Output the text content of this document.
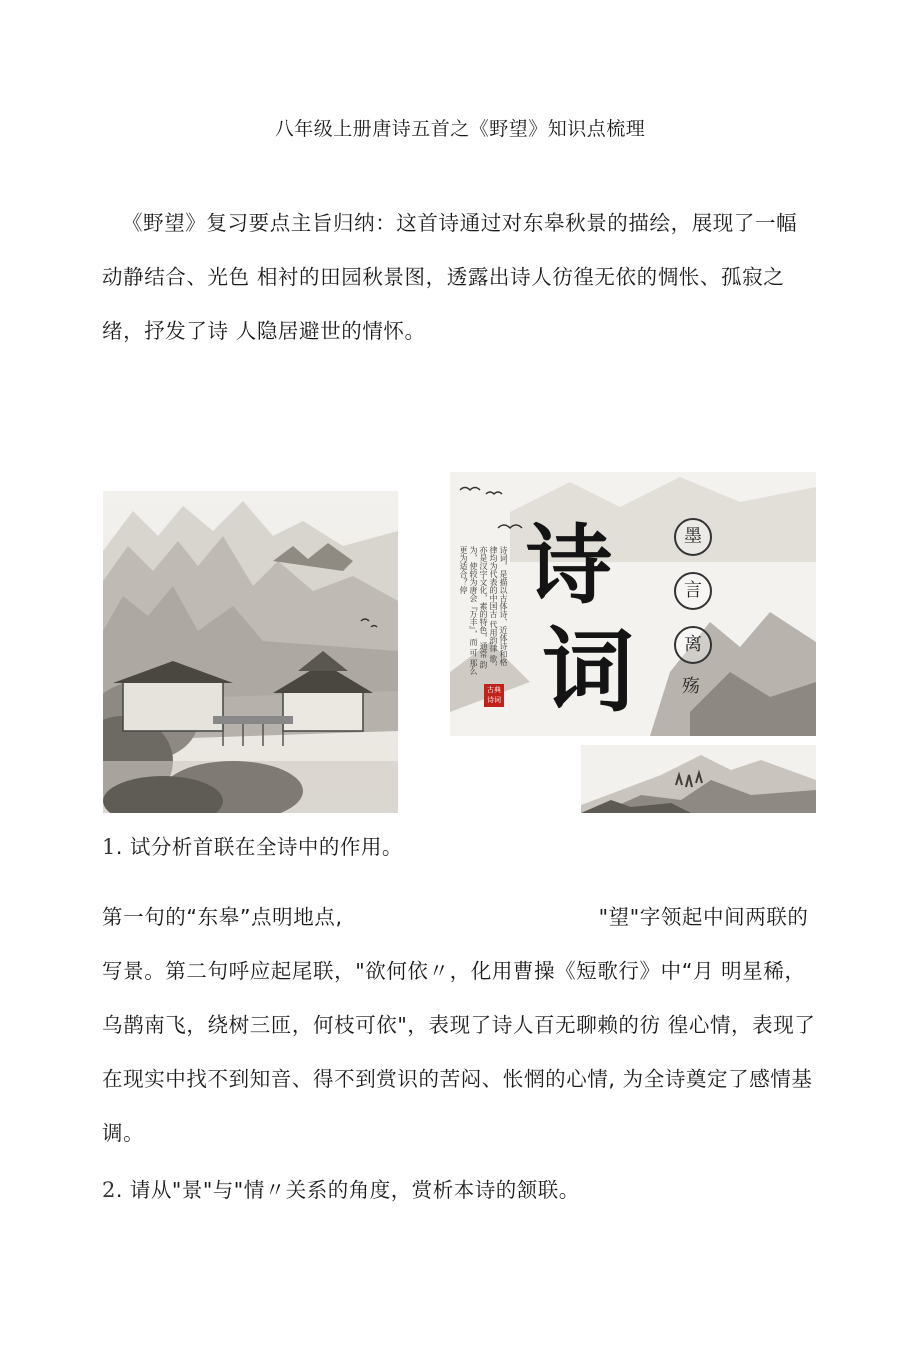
八年级上册唐诗五首之《野望》知识点梳理

《野望》复习要点主旨归纳：这首诗通过对东皋秋景的描绘，展现了一幅动静结合、光色 相衬的田园秋景图，透露出诗人彷徨无依的惆怅、孤寂之绪，抒发了诗 人隐居避世的情怀。

诗词，是描以古体诗、近体诗和格 律均为代表的中国古 代用韵律 歌，亦是汉字文化，素的特色，通常 韵为，使较为唐会『万丰』，而 可 那么更为适合？停 诗
词
古典诗词
墨
言
离
殇
1. 试分析首联在全诗中的作用。

第一句的“东皋”点明地点,	"望"字领起中间两联的写景。第二句呼应起尾联，"欲何依〃，化用曹操《短歌行》中“月 明星稀，乌鹊南飞，绕树三匝，何枝可依"，表现了诗人百无聊赖的彷 徨心情，表现了在现实中找不到知音、得不到赏识的苦闷、怅惘的心情, 为全诗奠定了感情基调。

2. 请从"景"与"情〃关系的角度，赏析本诗的颔联。
